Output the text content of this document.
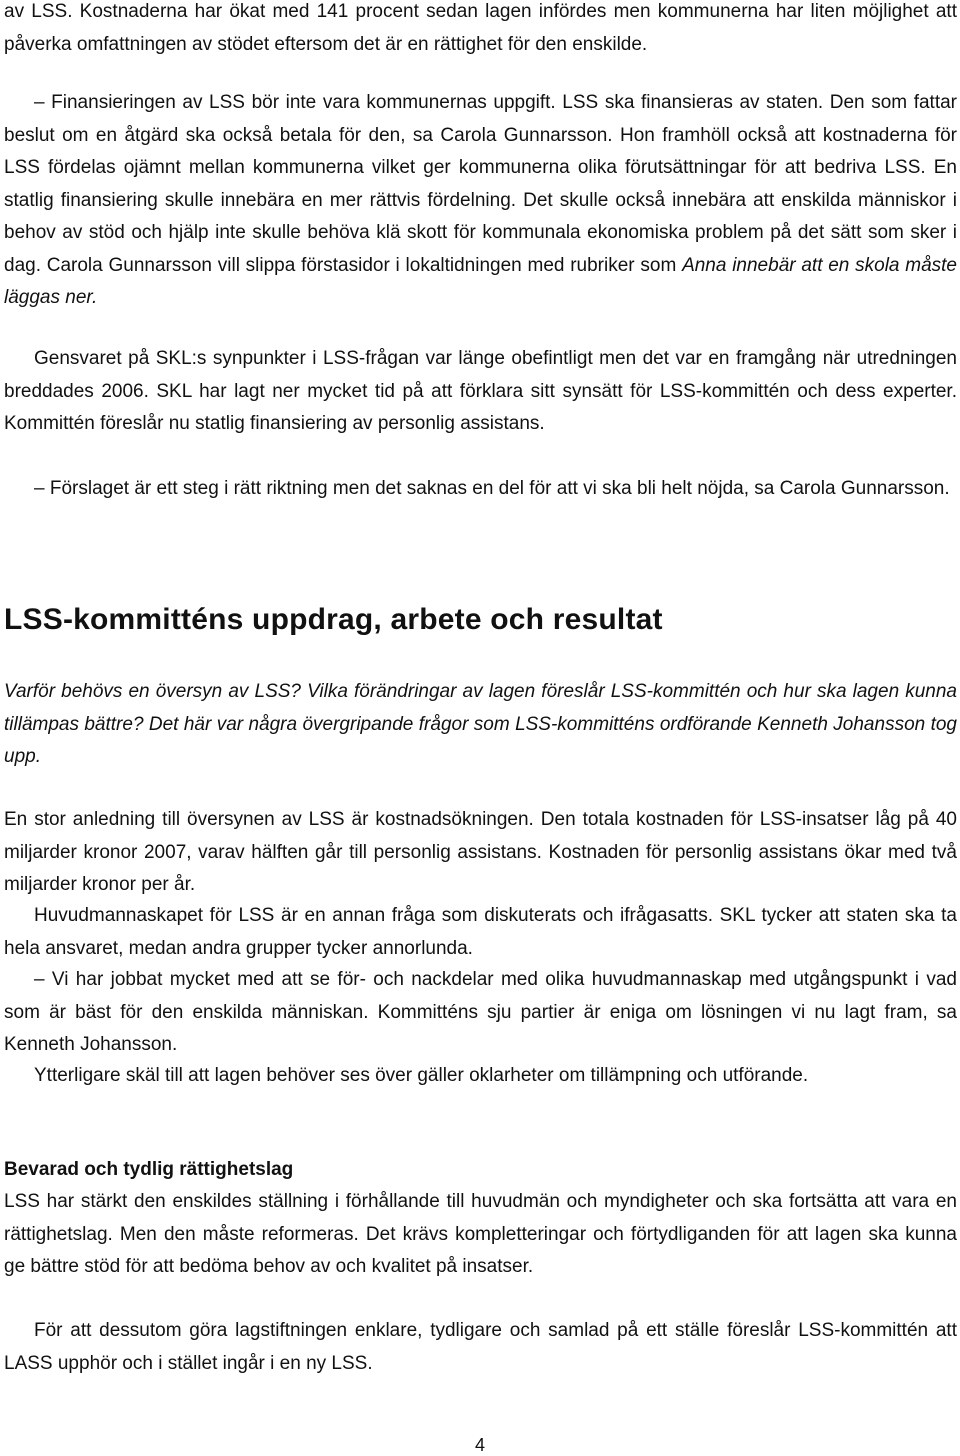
av LSS. Kostnaderna har ökat med 141 procent sedan lagen infördes men kommunerna har liten möjlighet att påverka omfattningen av stödet eftersom det är en rättighet för den enskilde.

– Finansieringen av LSS bör inte vara kommunernas uppgift. LSS ska finansieras av staten. Den som fattar beslut om en åtgärd ska också betala för den, sa Carola Gunnarsson. Hon framhöll också att kostnaderna för LSS fördelas ojämnt mellan kommunerna vilket ger kommunerna olika förutsättningar för att bedriva LSS. En statlig finansiering skulle innebära en mer rättvis fördelning. Det skulle också innebära att enskilda människor i behov av stöd och hjälp inte skulle behöva klä skott för kommunala ekonomiska problem på det sätt som sker i dag. Carola Gunnarsson vill slippa förstasidor i lokaltidningen med rubriker som Anna innebär att en skola måste läggas ner.

Gensvaret på SKL:s synpunkter i LSS-frågan var länge obefintligt men det var en framgång när utredningen breddades 2006. SKL har lagt ner mycket tid på att förklara sitt synsätt för LSS-kommittén och dess experter. Kommittén föreslår nu statlig finansiering av personlig assistans.

– Förslaget är ett steg i rätt riktning men det saknas en del för att vi ska bli helt nöjda, sa Carola Gunnarsson.

LSS-kommitténs uppdrag, arbete och resultat

Varför behövs en översyn av LSS? Vilka förändringar av lagen föreslår LSS-kommittén och hur ska lagen kunna tillämpas bättre? Det här var några övergripande frågor som LSS-kommitténs ordförande Kenneth Johansson tog upp.

En stor anledning till översynen av LSS är kostnadsökningen. Den totala kostnaden för LSS-insatser låg på 40 miljarder kronor 2007, varav hälften går till personlig assistans. Kostnaden för personlig assistans ökar med två miljarder kronor per år.

Huvudmannaskapet för LSS är en annan fråga som diskuterats och ifrågasatts. SKL tycker att staten ska ta hela ansvaret, medan andra grupper tycker annorlunda.

– Vi har jobbat mycket med att se för- och nackdelar med olika huvudmannaskap med utgångspunkt i vad som är bäst för den enskilda människan. Kommitténs sju partier är eniga om lösningen vi nu lagt fram, sa Kenneth Johansson.

Ytterligare skäl till att lagen behöver ses över gäller oklarheter om tillämpning och utförande.

Bevarad och tydlig rättighetslag

LSS har stärkt den enskildes ställning i förhållande till huvudmän och myndigheter och ska fortsätta att vara en rättighetslag. Men den måste reformeras. Det krävs kompletteringar och förtydliganden för att lagen ska kunna ge bättre stöd för att bedöma behov av och kvalitet på insatser.

För att dessutom göra lagstiftningen enklare, tydligare och samlad på ett ställe föreslår LSS-kommittén att LASS upphör och i stället ingår i en ny LSS.

4
